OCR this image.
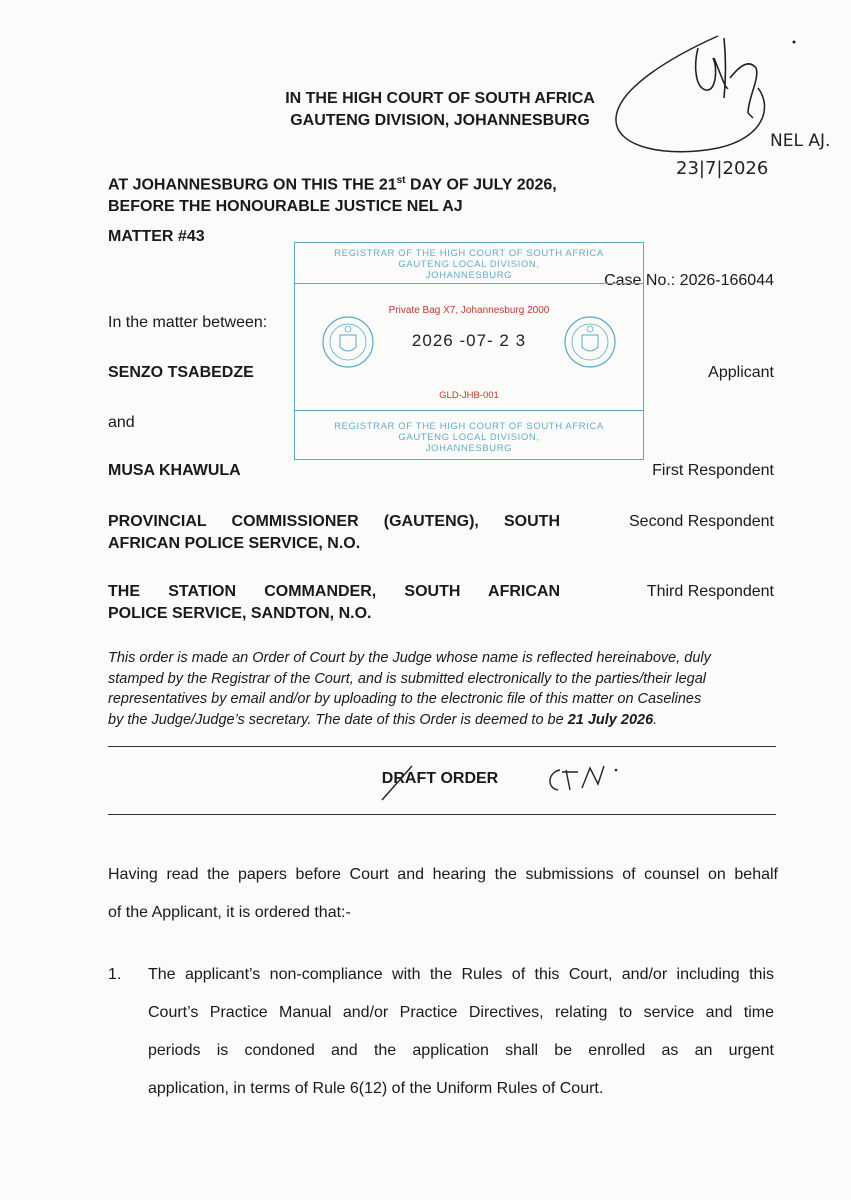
IN THE HIGH COURT OF SOUTH AFRICA
GAUTENG DIVISION, JOHANNESBURG
NEL AJ.
23|7|2026
AT JOHANNESBURG ON THIS THE 21st DAY OF JULY 2026,
BEFORE THE HONOURABLE JUSTICE NEL AJ
MATTER #43
Case No.: 2026-166044
In the matter between:
SENZO TSABEDZE	Applicant
and
MUSA KHAWULA	First Respondent
PROVINCIAL COMMISSIONER (GAUTENG), SOUTH
AFRICAN POLICE SERVICE, N.O.
Second Respondent
THE STATION COMMANDER, SOUTH AFRICAN
POLICE SERVICE, SANDTON, N.O.
Third Respondent
REGISTRAR OF THE HIGH COURT OF SOUTH AFRICA
GAUTENG LOCAL DIVISION,
JOHANNESBURG
Private Bag X7, Johannesburg 2000
2026 -07- 2 3
GLD-JHB-001
REGISTRAR OF THE HIGH COURT OF SOUTH AFRICA
GAUTENG LOCAL DIVISION,
JOHANNESBURG
This order is made an Order of Court by the Judge whose name is reflected hereinabove, duly
stamped by the Registrar of the Court, and is submitted electronically to the parties/their legal
representatives by email and/or by uploading to the electronic file of this matter on Caselines
by the Judge/Judge’s secretary. The date of this Order is deemed to be 21 July 2026.
DRAFT ORDER
Having read the papers before Court and hearing the submissions of counsel on behalf
of the Applicant, it is ordered that:-
1. The applicant’s non-compliance with the Rules of this Court, and/or including this
Court’s Practice Manual and/or Practice Directives, relating to service and time
periods is condoned and the application shall be enrolled as an urgent
application, in terms of Rule 6(12) of the Uniform Rules of Court.
